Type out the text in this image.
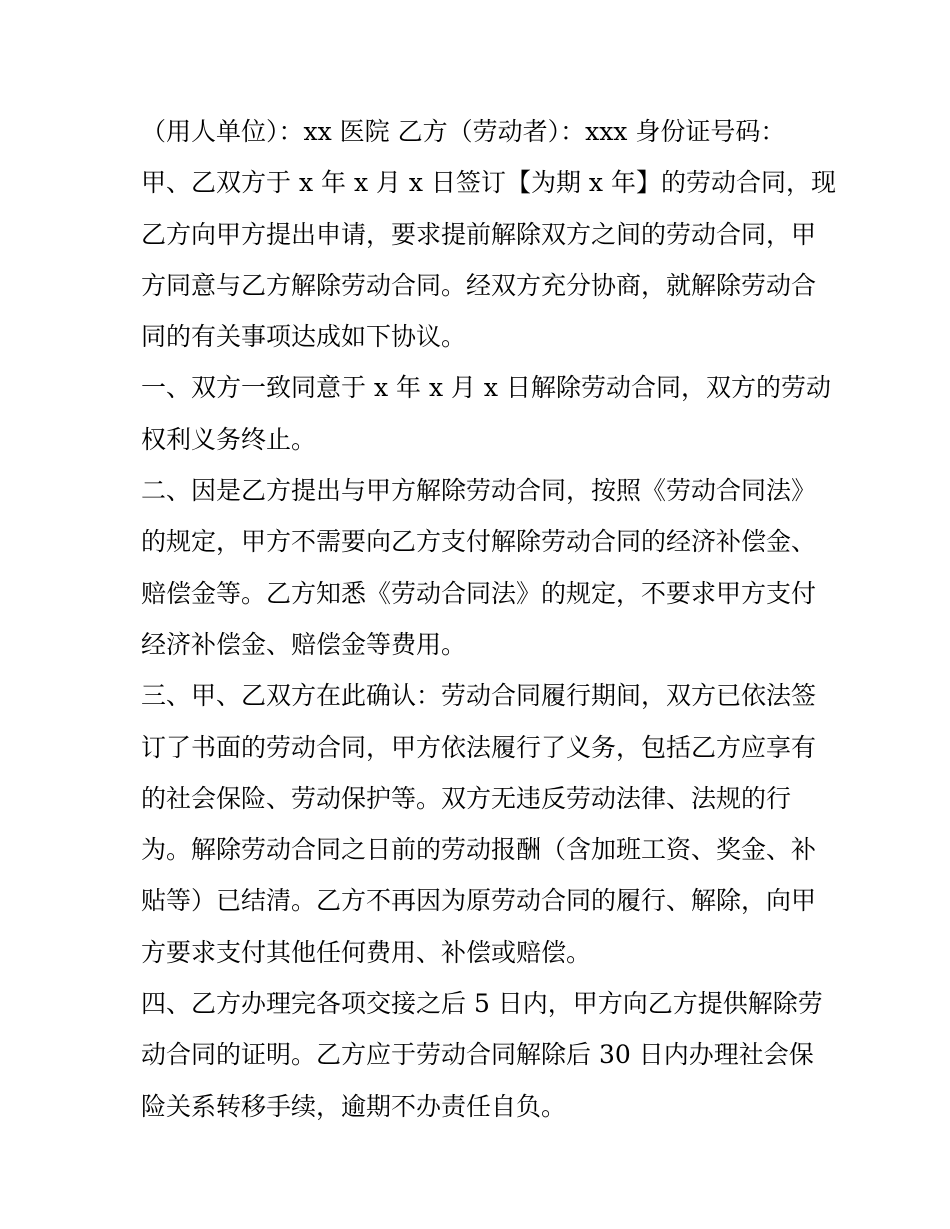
（用人单位）：xx 医院 乙方（劳动者）：xxx 身份证号码：
甲、乙双方于 x 年 x 月 x 日签订【为期 x 年】的劳动合同，现
乙方向甲方提出申请，要求提前解除双方之间的劳动合同，甲
方同意与乙方解除劳动合同。经双方充分协商，就解除劳动合
同的有关事项达成如下协议。
一、双方一致同意于 x 年 x 月 x 日解除劳动合同，双方的劳动
权利义务终止。
二、因是乙方提出与甲方解除劳动合同，按照《劳动合同法》
的规定，甲方不需要向乙方支付解除劳动合同的经济补偿金、
赔偿金等。乙方知悉《劳动合同法》的规定，不要求甲方支付
经济补偿金、赔偿金等费用。
三、甲、乙双方在此确认：劳动合同履行期间，双方已依法签
订了书面的劳动合同，甲方依法履行了义务，包括乙方应享有
的社会保险、劳动保护等。双方无违反劳动法律、法规的行
为。解除劳动合同之日前的劳动报酬（含加班工资、奖金、补
贴等）已结清。乙方不再因为原劳动合同的履行、解除，向甲
方要求支付其他任何费用、补偿或赔偿。
四、乙方办理完各项交接之后 5 日内，甲方向乙方提供解除劳
动合同的证明。乙方应于劳动合同解除后 30 日内办理社会保
险关系转移手续，逾期不办责任自负。
